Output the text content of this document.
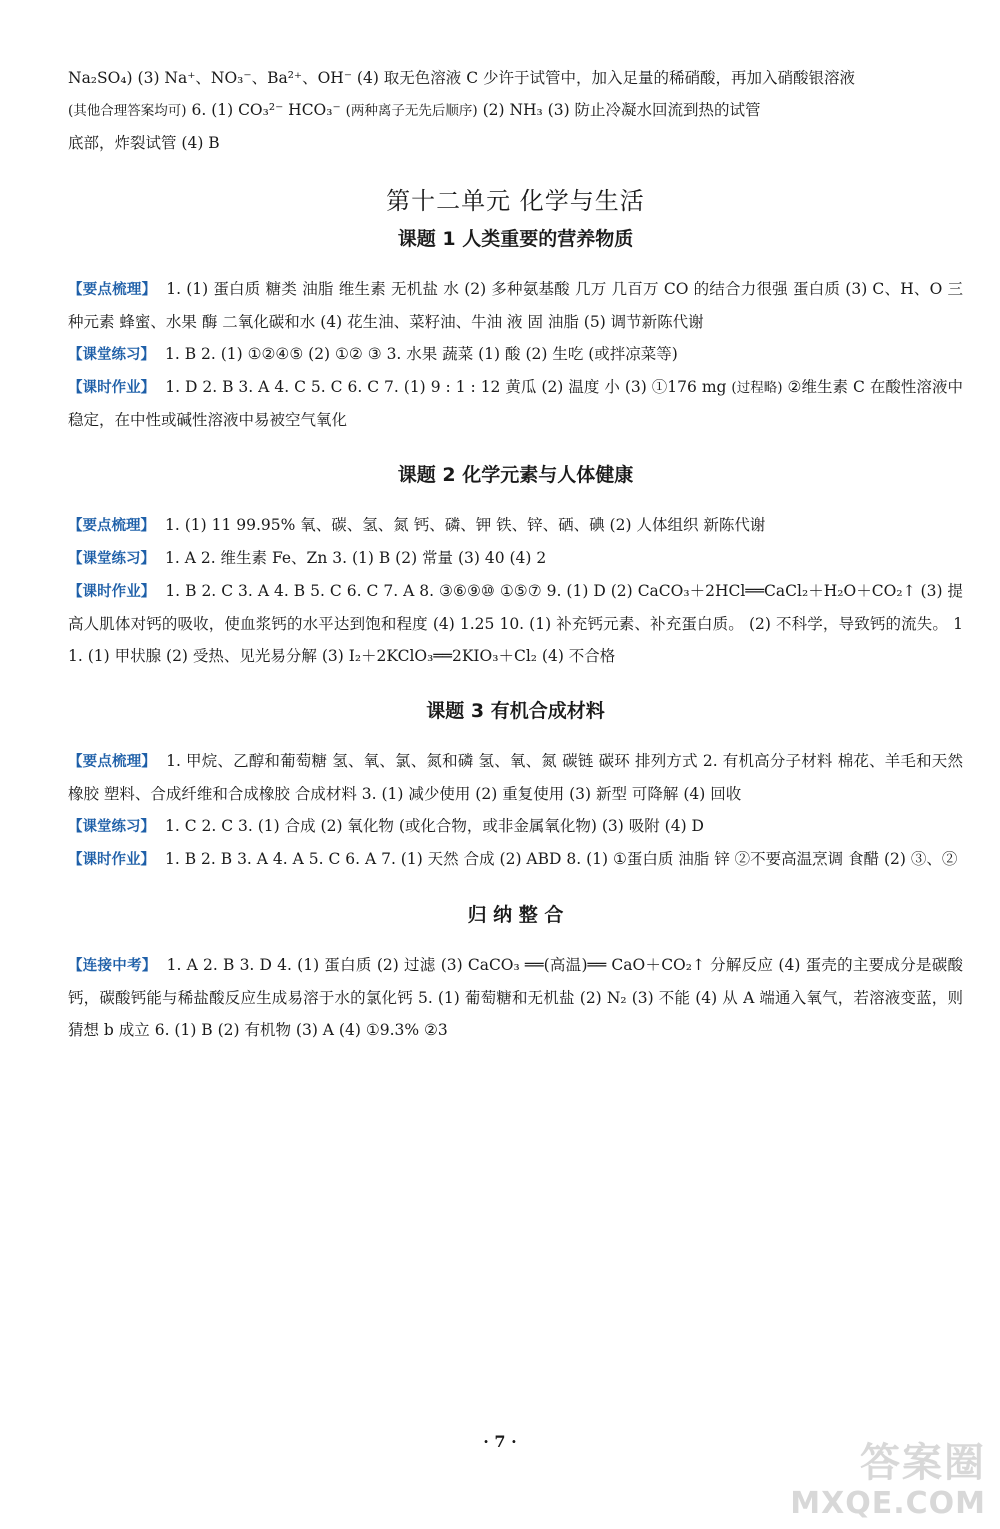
Na₂SO₄) (3) Na⁺、NO₃⁻、Ba²⁺、OH⁻ (4) 取无色溶液 C 少许于试管中，加入足量的稀硝酸，再加入硝酸银溶液

(其他合理答案均可) 6. (1) CO₃²⁻ HCO₃⁻ (两种离子无先后顺序) (2) NH₃ (3) 防止冷凝水回流到热的试管

底部，炸裂试管 (4) B

第十二单元 化学与生活
课题 1 人类重要的营养物质

【要点梳理】 1. (1) 蛋白质 糖类 油脂 维生素 无机盐 水 (2) 多种氨基酸 几万 几百万 CO 的结合力很强 蛋白质 (3) C、H、O 三种元素 蜂蜜、水果 酶 二氧化碳和水 (4) 花生油、菜籽油、牛油 液 固 油脂 (5) 调节新陈代谢

【课堂练习】 1. B 2. (1) ①②④⑤ (2) ①② ③ 3. 水果 蔬菜 (1) 酸 (2) 生吃 (或拌凉菜等)

【课时作业】 1. D 2. B 3. A 4. C 5. C 6. C 7. (1) 9 : 1 : 12 黄瓜 (2) 温度 小 (3) ①176 mg (过程略) ②维生素 C 在酸性溶液中稳定，在中性或碱性溶液中易被空气氧化

课题 2 化学元素与人体健康

【要点梳理】 1. (1) 11 99.95% 氧、碳、氢、氮 钙、磷、钾 铁、锌、硒、碘 (2) 人体组织 新陈代谢

【课堂练习】 1. A 2. 维生素 Fe、Zn 3. (1) B (2) 常量 (3) 40 (4) 2

【课时作业】 1. B 2. C 3. A 4. B 5. C 6. C 7. A 8. ③⑥⑨⑩ ①⑤⑦ 9. (1) D (2) CaCO₃＋2HCl══CaCl₂＋H₂O＋CO₂↑ (3) 提高人肌体对钙的吸收，使血浆钙的水平达到饱和程度 (4) 1.25 10. (1) 补充钙元素、补充蛋白质。 (2) 不科学，导致钙的流失。 11. (1) 甲状腺 (2) 受热、见光易分解 (3) I₂＋2KClO₃══2KIO₃＋Cl₂ (4) 不合格

课题 3 有机合成材料

【要点梳理】 1. 甲烷、乙醇和葡萄糖 氢、氧、氯、氮和磷 氢、氧、氮 碳链 碳环 排列方式 2. 有机高分子材料 棉花、羊毛和天然橡胶 塑料、合成纤维和合成橡胶 合成材料 3. (1) 减少使用 (2) 重复使用 (3) 新型 可降解 (4) 回收

【课堂练习】 1. C 2. C 3. (1) 合成 (2) 氧化物 (或化合物，或非金属氧化物) (3) 吸附 (4) D

【课时作业】 1. B 2. B 3. A 4. A 5. C 6. A 7. (1) 天然 合成 (2) ABD 8. (1) ①蛋白质 油脂 锌 ②不要高温烹调 食醋 (2) ③、②

归 纳 整 合

【连接中考】 1. A 2. B 3. D 4. (1) 蛋白质 (2) 过滤 (3) CaCO₃ ══(高温)══ CaO＋CO₂↑ 分解反应 (4) 蛋壳的主要成分是碳酸钙，碳酸钙能与稀盐酸反应生成易溶于水的氯化钙 5. (1) 葡萄糖和无机盐 (2) N₂ (3) 不能 (4) 从 A 端通入氧气，若溶液变蓝，则猜想 b 成立 6. (1) B (2) 有机物 (3) A (4) ①9.3% ②3

· 7 ·	答案圈
MXQE.COM
